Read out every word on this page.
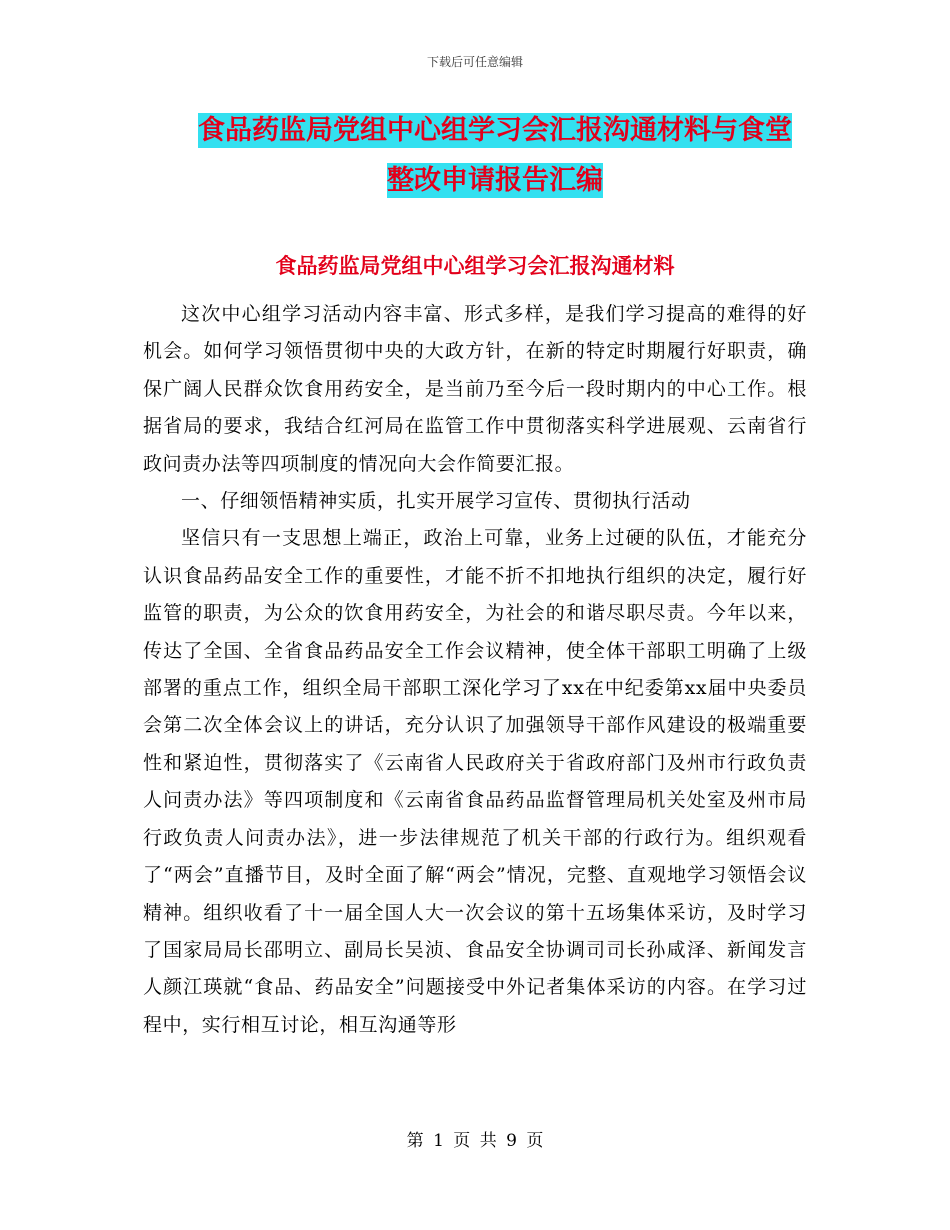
下载后可任意编辑
食品药监局党组中心组学习会汇报沟通材料与食堂整改申请报告汇编
食品药监局党组中心组学习会汇报沟通材料

这次中心组学习活动内容丰富、形式多样，是我们学习提高的难得的好机会。如何学习领悟贯彻中央的大政方针，在新的特定时期履行好职责，确保广阔人民群众饮食用药安全，是当前乃至今后一段时期内的中心工作。根据省局的要求，我结合红河局在监管工作中贯彻落实科学进展观、云南省行政问责办法等四项制度的情况向大会作简要汇报。

一、仔细领悟精神实质，扎实开展学习宣传、贯彻执行活动

坚信只有一支思想上端正，政治上可靠，业务上过硬的队伍，才能充分认识食品药品安全工作的重要性，才能不折不扣地执行组织的决定，履行好监管的职责，为公众的饮食用药安全，为社会的和谐尽职尽责。今年以来，传达了全国、全省食品药品安全工作会议精神，使全体干部职工明确了上级部署的重点工作，组织全局干部职工深化学习了xx在中纪委第xx届中央委员会第二次全体会议上的讲话，充分认识了加强领导干部作风建设的极端重要性和紧迫性，贯彻落实了《云南省人民政府关于省政府部门及州市行政负责人问责办法》等四项制度和《云南省食品药品监督管理局机关处室及州市局行政负责人问责办法》，进一步法律规范了机关干部的行政行为。组织观看了“两会”直播节目，及时全面了解“两会”情况，完整、直观地学习领悟会议精神。组织收看了十一届全国人大一次会议的第十五场集体采访，及时学习了国家局局长邵明立、副局长吴浈、食品安全协调司司长孙咸泽、新闻发言人颜江瑛就“食品、药品安全”问题接受中外记者集体采访的内容。在学习过程中，实行相互讨论，相互沟通等形

第 1 页 共 9 页
